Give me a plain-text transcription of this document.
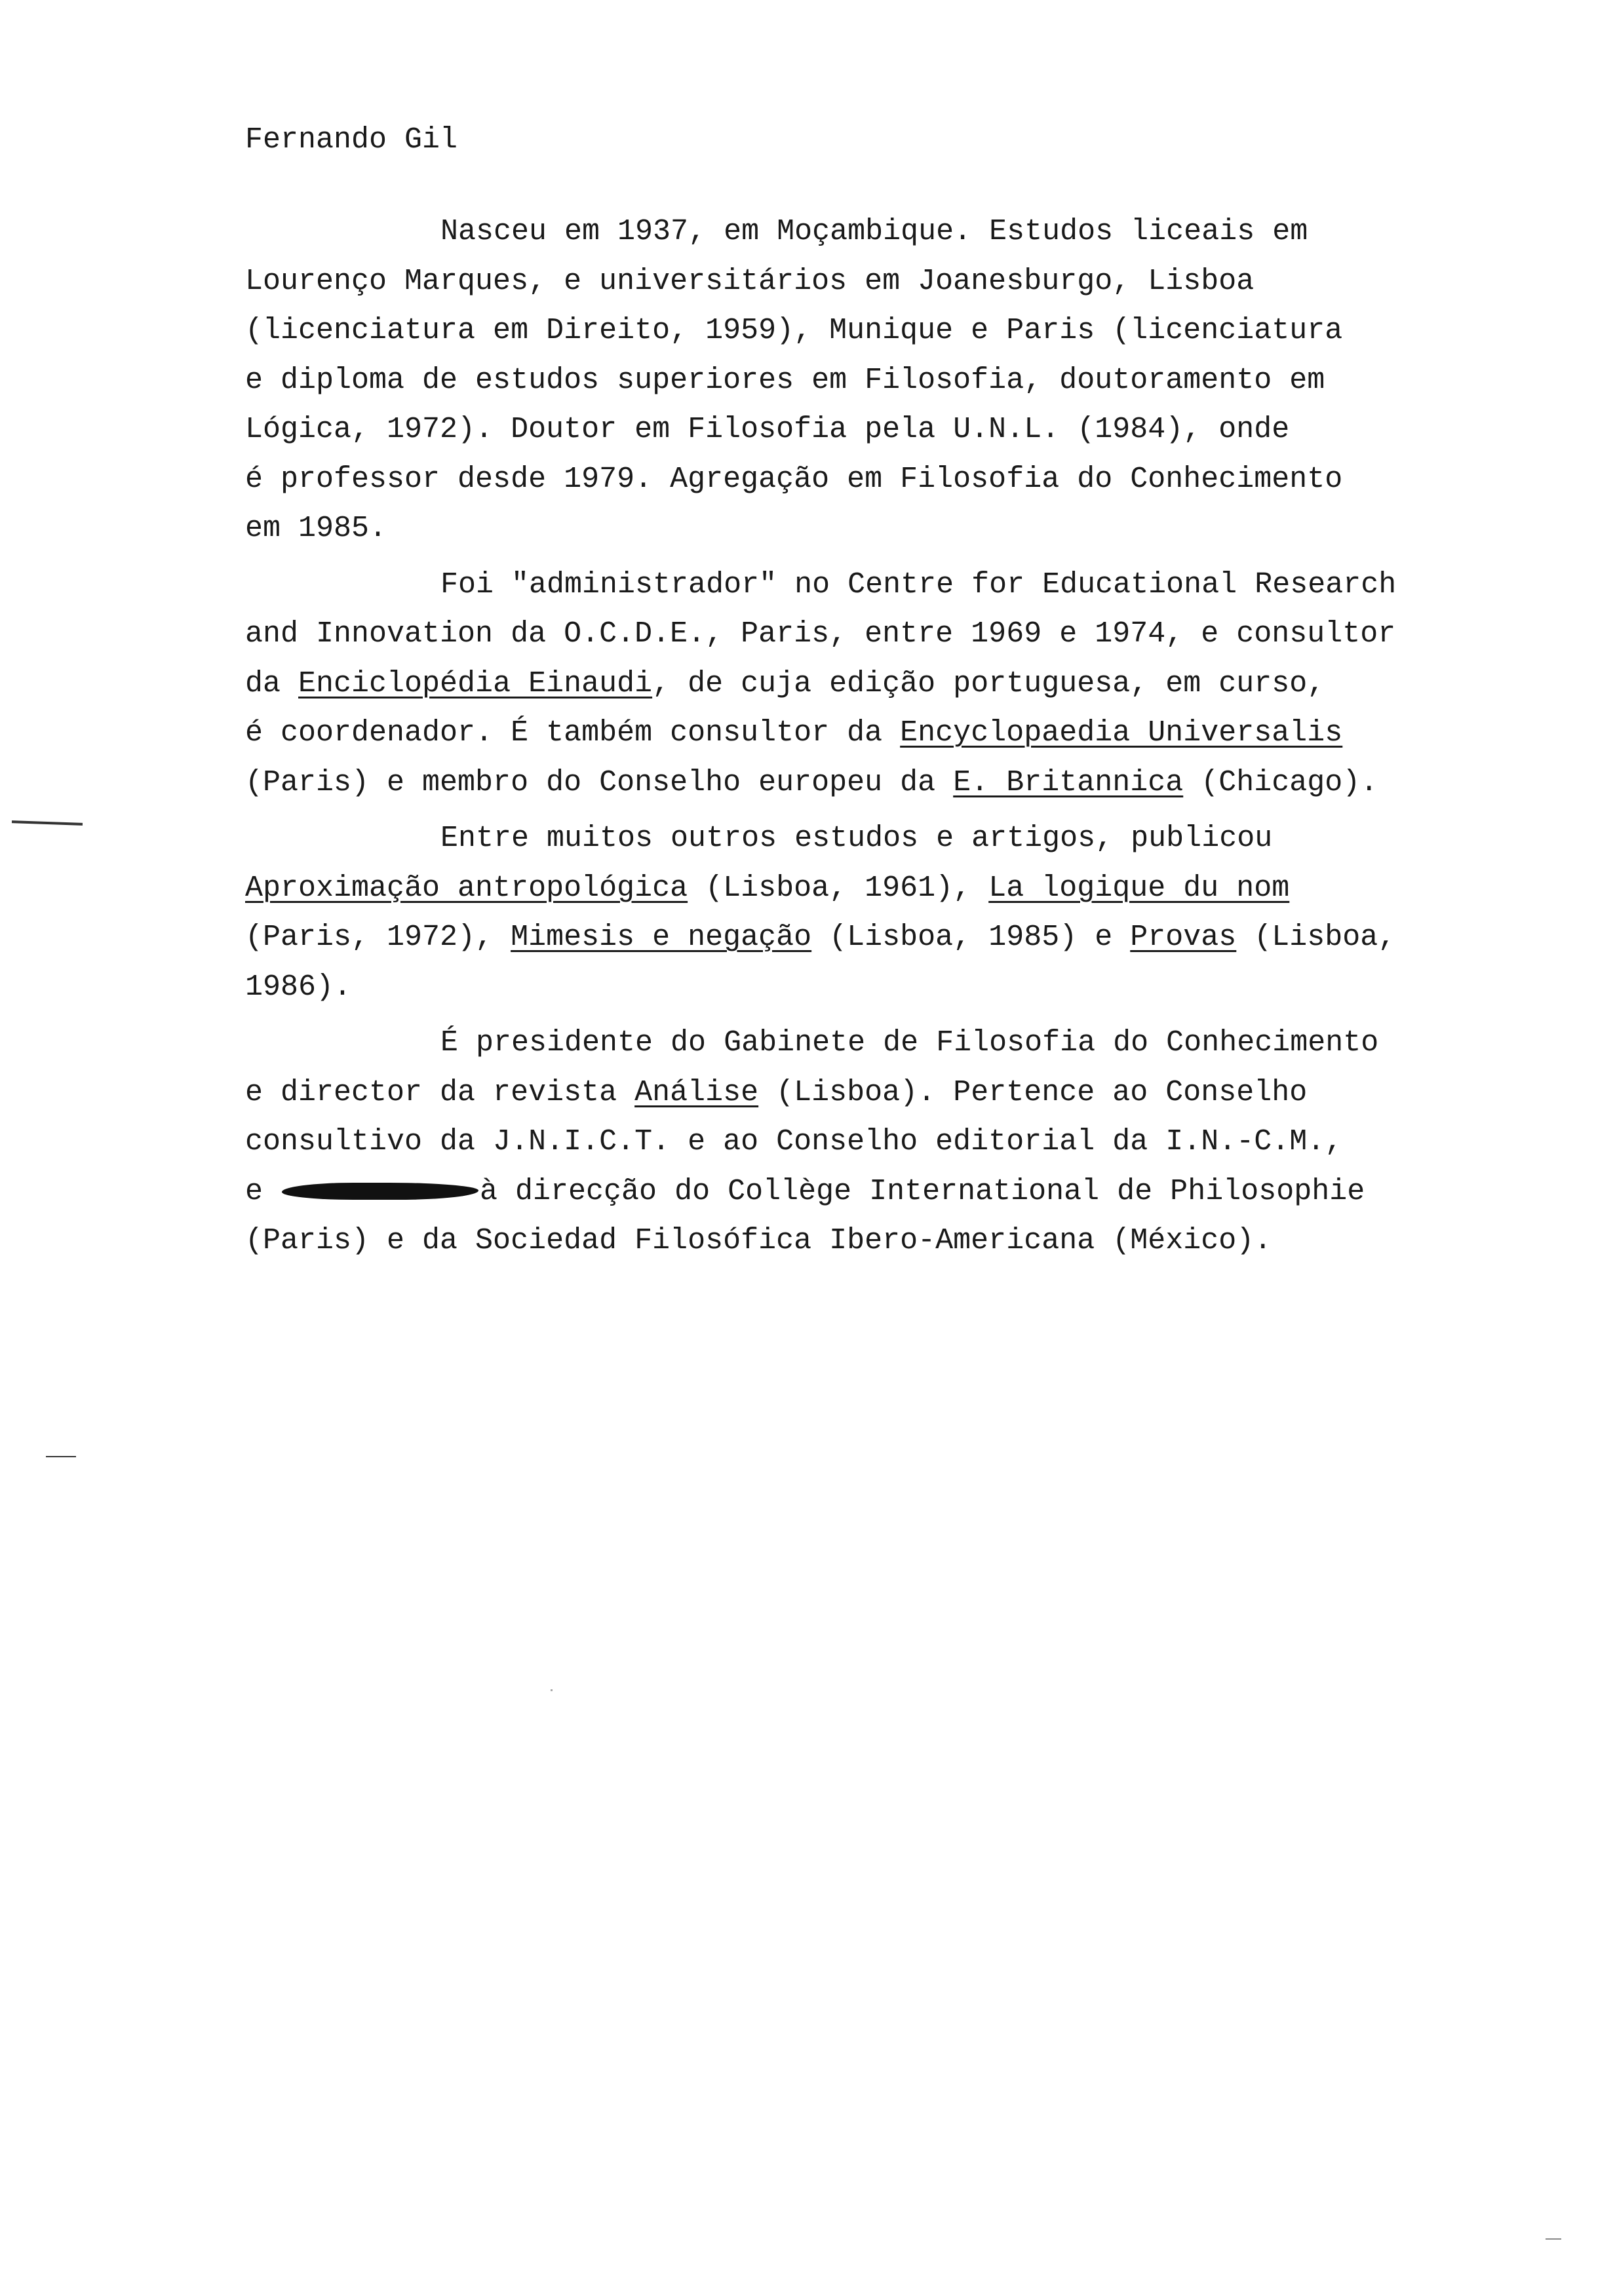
Fernando Gil
Nasceu em 1937, em Moçambique. Estudos liceais em
Lourenço Marques, e universitários em Joanesburgo, Lisboa
(licenciatura em Direito, 1959), Munique e Paris (licenciatura
e diploma de estudos superiores em Filosofia, doutoramento em
Lógica, 1972). Doutor em Filosofia pela U.N.L. (1984), onde
é professor desde 1979. Agregação em Filosofia do Conhecimento
em 1985.
Foi "administrador" no Centre for Educational Research
and Innovation da O.C.D.E., Paris, entre 1969 e 1974, e consultor
da Enciclopédia Einaudi, de cuja edição portuguesa, em curso,
é coordenador. É também consultor da Encyclopaedia Universalis
(Paris) e membro do Conselho europeu da E. Britannica (Chicago).
Entre muitos outros estudos e artigos, publicou
Aproximação antropológica (Lisboa, 1961), La logique du nom
(Paris, 1972), Mimesis e negação (Lisboa, 1985) e Provas (Lisboa,
1986).
É presidente do Gabinete de Filosofia do Conhecimento
e director da revista Análise (Lisboa). Pertence ao Conselho
consultivo da J.N.I.C.T. e ao Conselho editorial da I.N.-C.M.,
e	à direcção do Collège International de Philosophie
(Paris) e da Sociedad Filosófica Ibero-Americana (México).
